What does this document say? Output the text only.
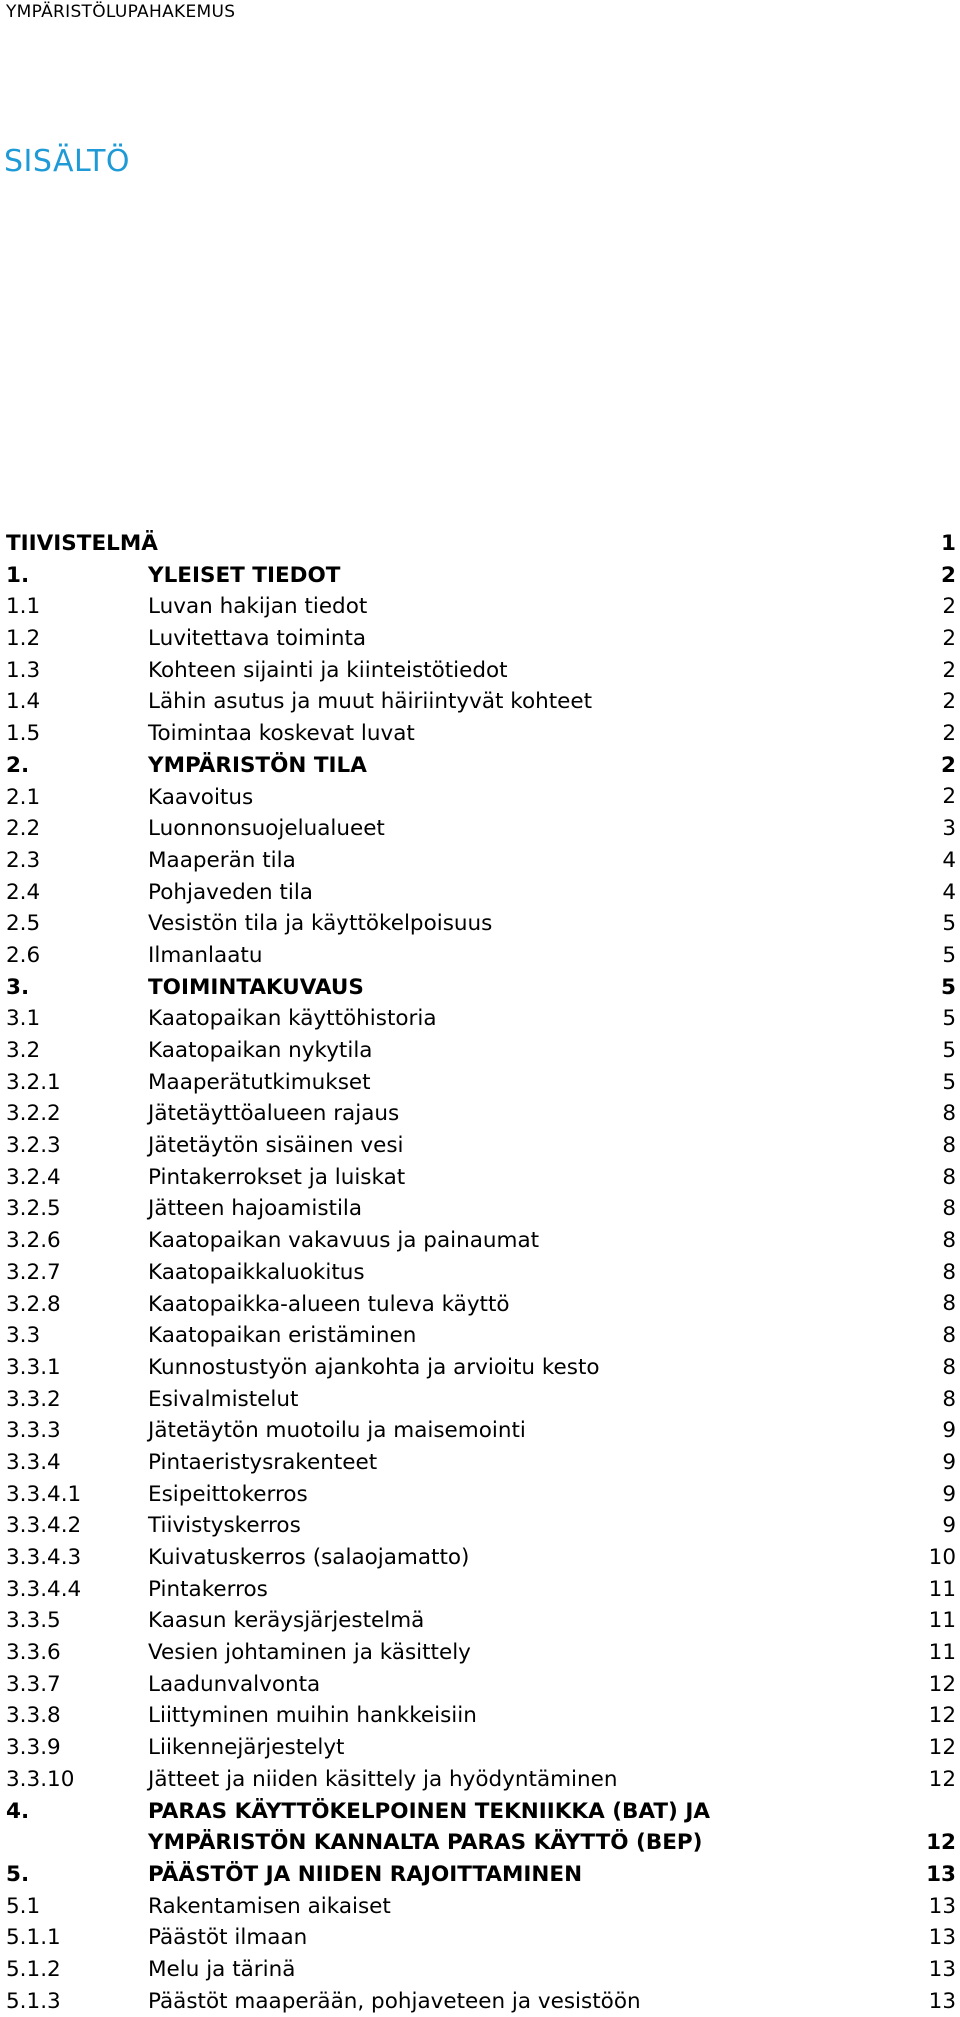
YMPÄRISTÖLUPAHAKEMUS
SISÄLTÖ
TIIVISTELMÄ	1
1.	YLEISET TIEDOT	2
1.1	Luvan hakijan tiedot	2
1.2	Luvitettava toiminta	2
1.3	Kohteen sijainti ja kiinteistötiedot	2
1.4	Lähin asutus ja muut häiriintyvät kohteet	2
1.5	Toimintaa koskevat luvat	2
2.	YMPÄRISTÖN TILA	2
2.1	Kaavoitus	2
2.2	Luonnonsuojelualueet	3
2.3	Maaperän tila	4
2.4	Pohjaveden tila	4
2.5	Vesistön tila ja käyttökelpoisuus	5
2.6	Ilmanlaatu	5
3.	TOIMINTAKUVAUS	5
3.1	Kaatopaikan käyttöhistoria	5
3.2	Kaatopaikan nykytila	5
3.2.1	Maaperätutkimukset	5
3.2.2	Jätetäyttöalueen rajaus	8
3.2.3	Jätetäytön sisäinen vesi	8
3.2.4	Pintakerrokset ja luiskat	8
3.2.5	Jätteen hajoamistila	8
3.2.6	Kaatopaikan vakavuus ja painaumat	8
3.2.7	Kaatopaikkaluokitus	8
3.2.8	Kaatopaikka-alueen tuleva käyttö	8
3.3	Kaatopaikan eristäminen	8
3.3.1	Kunnostustyön ajankohta ja arvioitu kesto	8
3.3.2	Esivalmistelut	8
3.3.3	Jätetäytön muotoilu ja maisemointi	9
3.3.4	Pintaeristysrakenteet	9
3.3.4.1	Esipeittokerros	9
3.3.4.2	Tiivistyskerros	9
3.3.4.3	Kuivatuskerros (salaojamatto)	10
3.3.4.4	Pintakerros	11
3.3.5	Kaasun keräysjärjestelmä	11
3.3.6	Vesien johtaminen ja käsittely	11
3.3.7	Laadunvalvonta	12
3.3.8	Liittyminen muihin hankkeisiin	12
3.3.9	Liikennejärjestelyt	12
3.3.10	Jätteet ja niiden käsittely ja hyödyntäminen	12
4.	PARAS KÄYTTÖKELPOINEN TEKNIIKKA (BAT) JA
YMPÄRISTÖN KANNALTA PARAS KÄYTTÖ (BEP)	12
5.	PÄÄSTÖT JA NIIDEN RAJOITTAMINEN	13
5.1	Rakentamisen aikaiset	13
5.1.1	Päästöt ilmaan	13
5.1.2	Melu ja tärinä	13
5.1.3	Päästöt maaperään, pohjaveteen ja vesistöön	13
